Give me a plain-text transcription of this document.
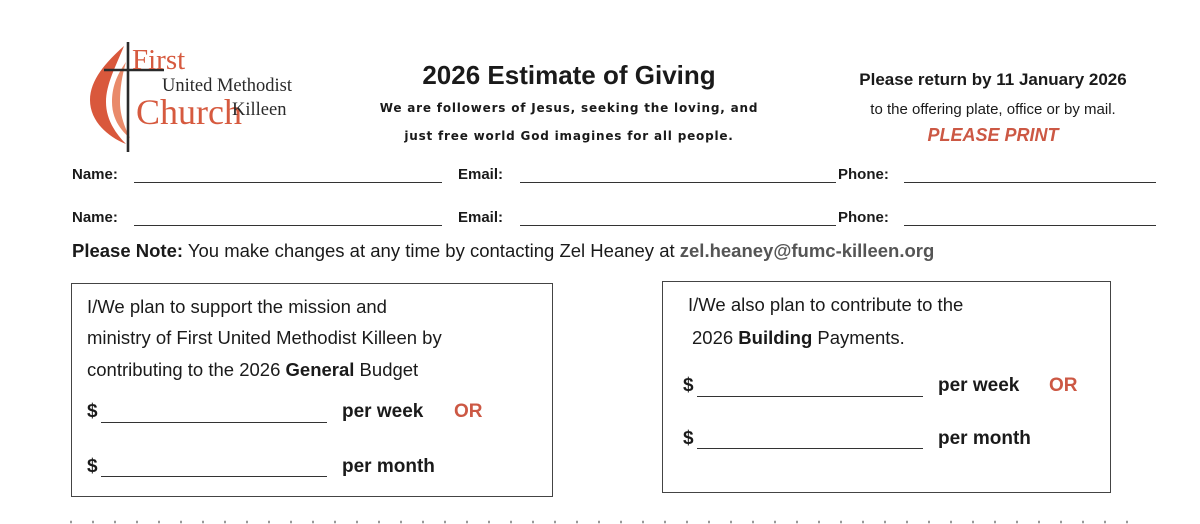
First
United Methodist
Church
Killeen
2026 Estimate of Giving
We are followers of Jesus, seeking the loving, and
just free world God imagines for all people.
Please return by 11 January 2026
to the offering plate, office or by mail.
PLEASE PRINT
Name:	Email:	Phone:
Name:	Email:	Phone:
Please Note: You make changes at any time by contacting Zel Heaney at zel.heaney@fumc-killeen.org
I/We plan to support the mission and
ministry of First United Methodist Killeen by
contributing to the 2026 General Budget
$	per week OR
$	per month
I/We also plan to contribute to the
2026 Building Payments.
$	per week OR
$	per month
